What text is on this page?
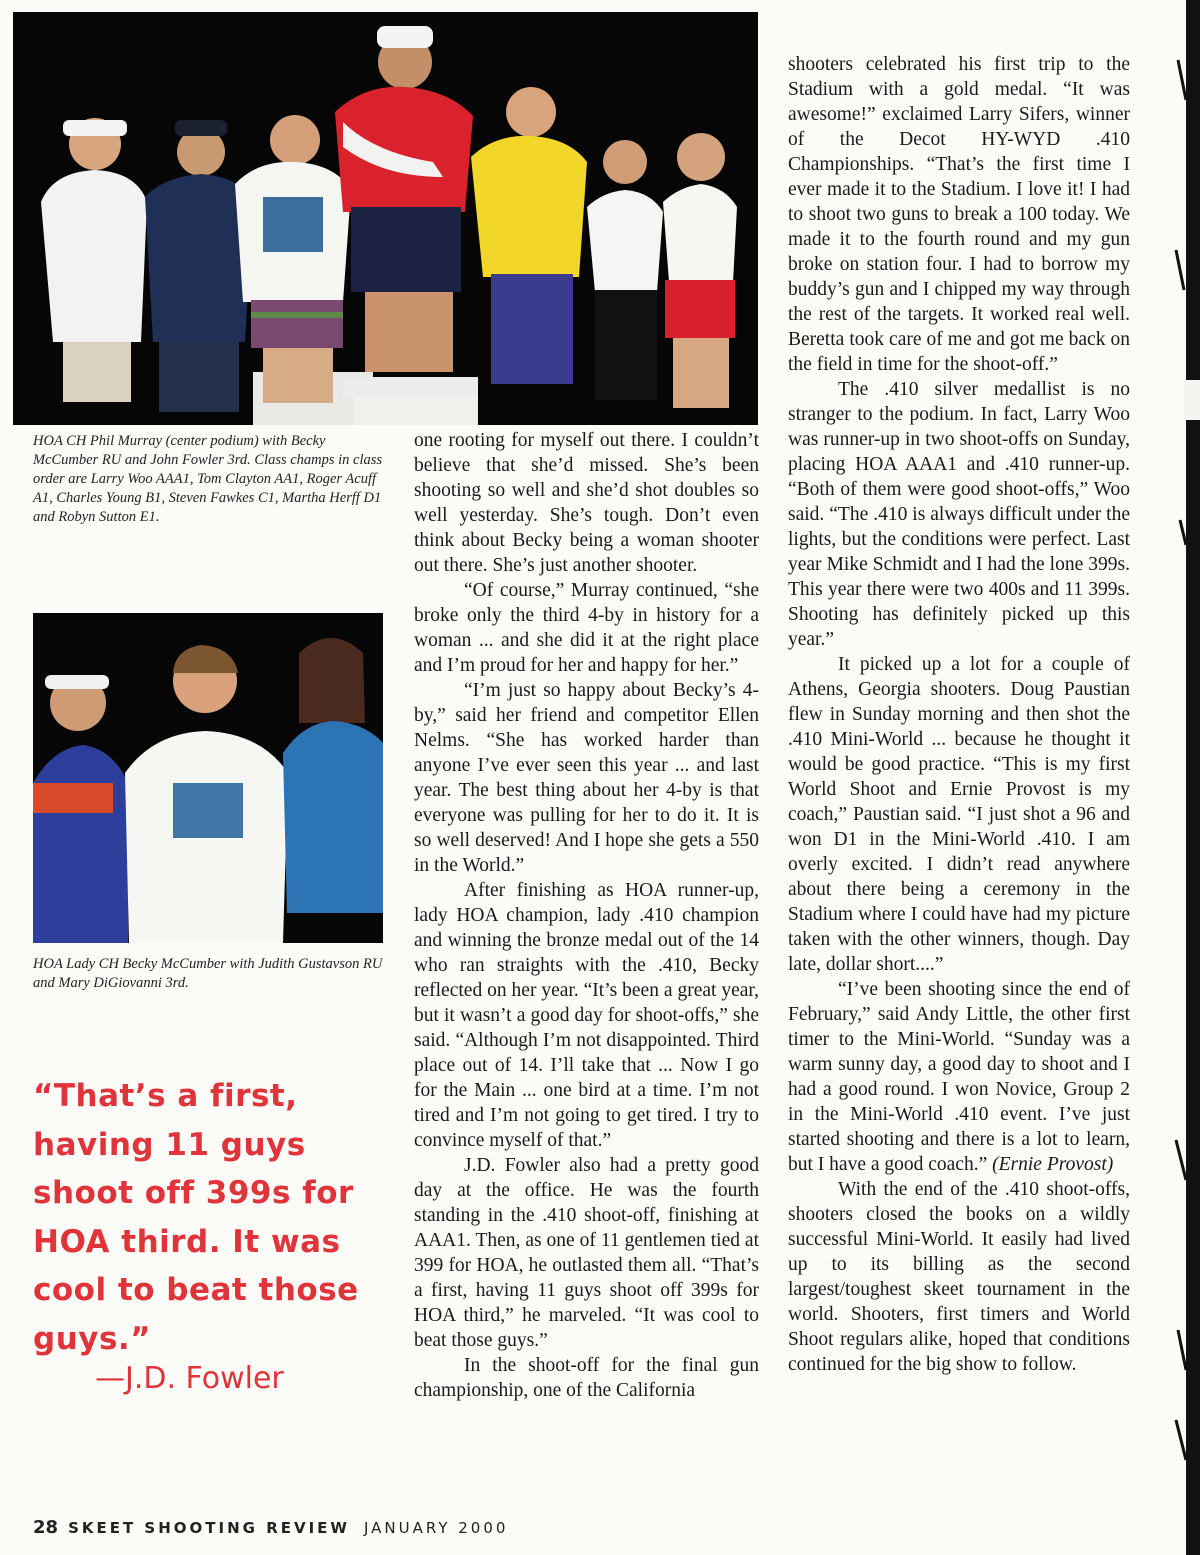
HOA CH Phil Murray (center podium) with Becky McCumber RU and John Fowler 3rd. Class champs in class order are Larry Woo AAA1, Tom Clayton AA1, Roger Acuff A1, Charles Young B1, Steven Fawkes C1, Martha Herff D1 and Robyn Sutton E1.
HOA Lady CH Becky McCumber with Judith Gustavson RU and Mary DiGiovanni 3rd.
“That’s a first, having 11 guys shoot off 399s for HOA third. It was cool to beat those guys.”
—J.D. Fowler

one rooting for myself out there. I couldn’t believe that she’d missed. She’s been shooting so well and she’d shot doubles so well yesterday. She’s tough. Don’t even think about Becky being a woman shooter out there. She’s just another shooter.

“Of course,” Murray continued, “she broke only the third 4-by in history for a woman ... and she did it at the right place and I’m proud for her and happy for her.”

“I’m just so happy about Becky’s 4-by,” said her friend and competitor Ellen Nelms. “She has worked harder than anyone I’ve ever seen this year ... and last year. The best thing about her 4-by is that everyone was pulling for her to do it. It is so well deserved! And I hope she gets a 550 in the World.”

After finishing as HOA runner-up, lady HOA champion, lady .410 champion and winning the bronze medal out of the 14 who ran straights with the .410, Becky reflected on her year. “It’s been a great year, but it wasn’t a good day for shoot-offs,” she said. “Although I’m not disappointed. Third place out of 14. I’ll take that ... Now I go for the Main ... one bird at a time. I’m not tired and I’m not going to get tired. I try to convince myself of that.”

J.D. Fowler also had a pretty good day at the office. He was the fourth standing in the .410 shoot-off, finishing at AAA1. Then, as one of 11 gentlemen tied at 399 for HOA, he outlasted them all. “That’s a first, having 11 guys shoot off 399s for HOA third,” he marveled. “It was cool to beat those guys.”

In the shoot-off for the final gun championship, one of the California

shooters celebrated his first trip to the Stadium with a gold medal. “It was awesome!” exclaimed Larry Sifers, winner of the Decot HY-WYD .410 Championships. “That’s the first time I ever made it to the Stadium. I love it! I had to shoot two guns to break a 100 today. We made it to the fourth round and my gun broke on station four. I had to borrow my buddy’s gun and I chipped my way through the rest of the targets. It worked real well. Beretta took care of me and got me back on the field in time for the shoot-off.”

The .410 silver medallist is no stranger to the podium. In fact, Larry Woo was runner-up in two shoot-offs on Sunday, placing HOA AAA1 and .410 runner-up. “Both of them were good shoot-offs,” Woo said. “The .410 is always difficult under the lights, but the conditions were perfect. Last year Mike Schmidt and I had the lone 399s. This year there were two 400s and 11 399s. Shooting has definitely picked up this year.”

It picked up a lot for a couple of Athens, Georgia shooters. Doug Paustian flew in Sunday morning and then shot the .410 Mini-World ... because he thought it would be good practice. “This is my first World Shoot and Ernie Provost is my coach,” Paustian said. “I just shot a 96 and won D1 in the Mini-World .410. I am overly excited. I didn’t read anywhere about there being a ceremony in the Stadium where I could have had my picture taken with the other winners, though. Day late, dollar short....”

“I’ve been shooting since the end of February,” said Andy Little, the other first timer to the Mini-World. “Sunday was a warm sunny day, a good day to shoot and I had a good round. I won Novice, Group 2 in the Mini-World .410 event. I’ve just started shooting and there is a lot to learn, but I have a good coach.” (Ernie Provost)

With the end of the .410 shoot-offs, shooters closed the books on a wildly successful Mini-World. It easily had lived up to its billing as the second largest/toughest skeet tournament in the world. Shooters, first timers and World Shoot regulars alike, hoped that conditions continued for the big show to follow.

28 SKEET SHOOTING REVIEW JANUARY 2000
